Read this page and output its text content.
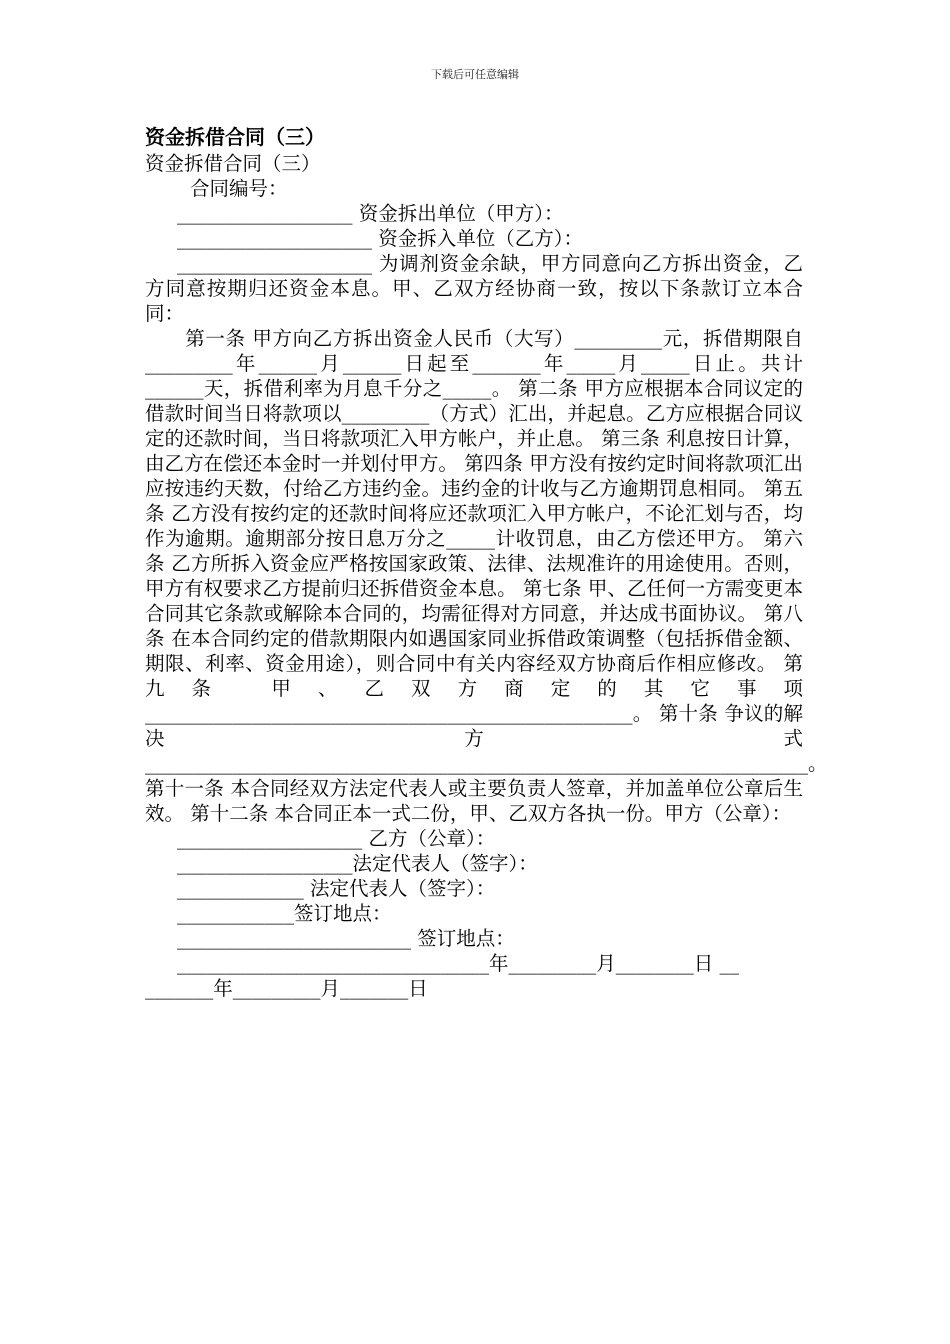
下载后可任意编辑
资金拆借合同（三）
资金拆借合同（三）
合同编号：
__________________ 资金拆出单位（甲方）：
____________________ 资金拆入单位（乙方）：
____________________ 为调剂资金余缺，甲方同意向乙方拆出资金，乙方同意按期归还资金本息。甲、乙双方经协商一致，按以下条款订立本合同：
　　第一条 甲方向乙方拆出资金人民币（大写）_________元，拆借期限自_________年______月______日起至_______年_____月_____日止。共计______天，拆借利率为月息千分之_____。 第二条 甲方应根据本合同议定的借款时间当日将款项以_________（方式）汇出，并起息。乙方应根据合同议定的还款时间，当日将款项汇入甲方帐户，并止息。 第三条 利息按日计算，由乙方在偿还本金时一并划付甲方。 第四条 甲方没有按约定时间将款项汇出应按违约天数，付给乙方违约金。违约金的计收与乙方逾期罚息相同。 第五条 乙方没有按约定的还款时间将应还款项汇入甲方帐户，不论汇划与否，均作为逾期。逾期部分按日息万分之_____计收罚息，由乙方偿还甲方。 第六条 乙方所拆入资金应严格按国家政策、法律、法规准许的用途使用。否则，甲方有权要求乙方提前归还拆借资金本息。 第七条 甲、乙任何一方需变更本合同其它条款或解除本合同的，均需征得对方同意，并达成书面协议。 第八条 在本合同约定的借款期限内如遇国家同业拆借政策调整（包括拆借金额、期限、利率、资金用途），则合同中有关内容经双方协商后作相应修改。 第九条 甲、乙双方商定的其它事项__________________________________________________。 第十条 争议的解决方式____________________________________________________________________。 第十一条 本合同经双方法定代表人或主要负责人签章，并加盖单位公章后生效。 第十二条 本合同正本一式二份，甲、乙双方各执一份。甲方（公章）：
___________________ 乙方（公章）：
__________________法定代表人（签字）：
_____________ 法定代表人（签字）：
____________签订地点：
________________________ 签订地点：
________________________________年_________月________日 __
_______年_________月_______日
